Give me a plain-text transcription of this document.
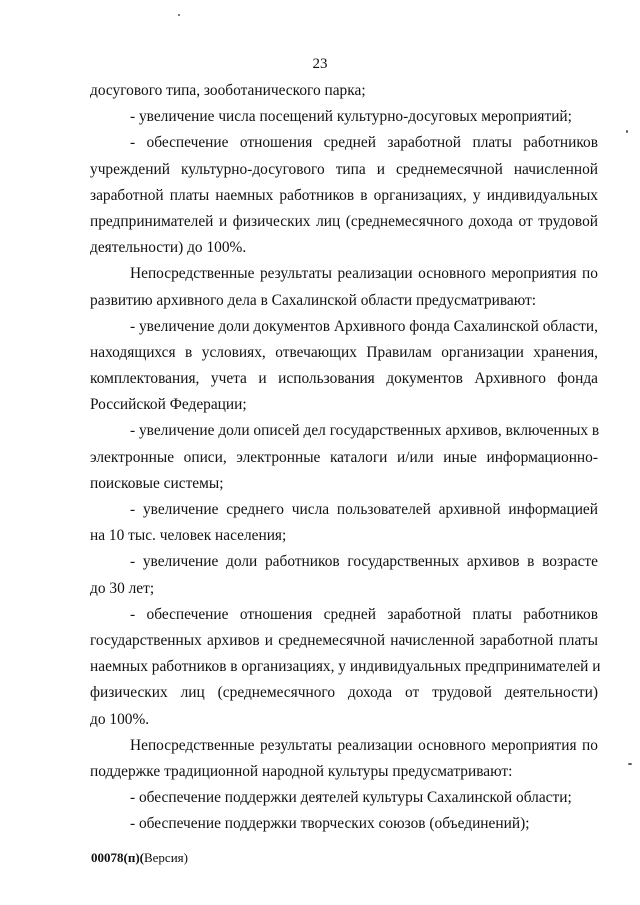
23
досугового типа, зооботанического парка;
- увеличение числа посещений культурно-досуговых мероприятий;
- обеспечение отношения средней заработной платы работников
учреждений культурно-досугового типа и среднемесячной начисленной
заработной платы наемных работников в организациях, у индивидуальных
предпринимателей и физических лиц (среднемесячного дохода от трудовой
деятельности) до 100%.
Непосредственные результаты реализации основного мероприятия по
развитию архивного дела в Сахалинской области предусматривают:
- увеличение доли документов Архивного фонда Сахалинской области,
находящихся в условиях, отвечающих Правилам организации хранения,
комплектования, учета и использования документов Архивного фонда
Российской Федерации;
- увеличение доли описей дел государственных архивов, включенных в
электронные описи, электронные каталоги и/или иные информационно-
поисковые системы;
- увеличение среднего числа пользователей архивной информацией
на 10 тыс. человек населения;
- увеличение доли работников государственных архивов в возрасте
до 30 лет;
- обеспечение отношения средней заработной платы работников
государственных архивов и среднемесячной начисленной заработной платы
наемных работников в организациях, у индивидуальных предпринимателей и
физических лиц (среднемесячного дохода от трудовой деятельности)
до 100%.
Непосредственные результаты реализации основного мероприятия по
поддержке традиционной народной культуры предусматривают:
- обеспечение поддержки деятелей культуры Сахалинской области;
- обеспечение поддержки творческих союзов (объединений);
00078(п)(Версия)
